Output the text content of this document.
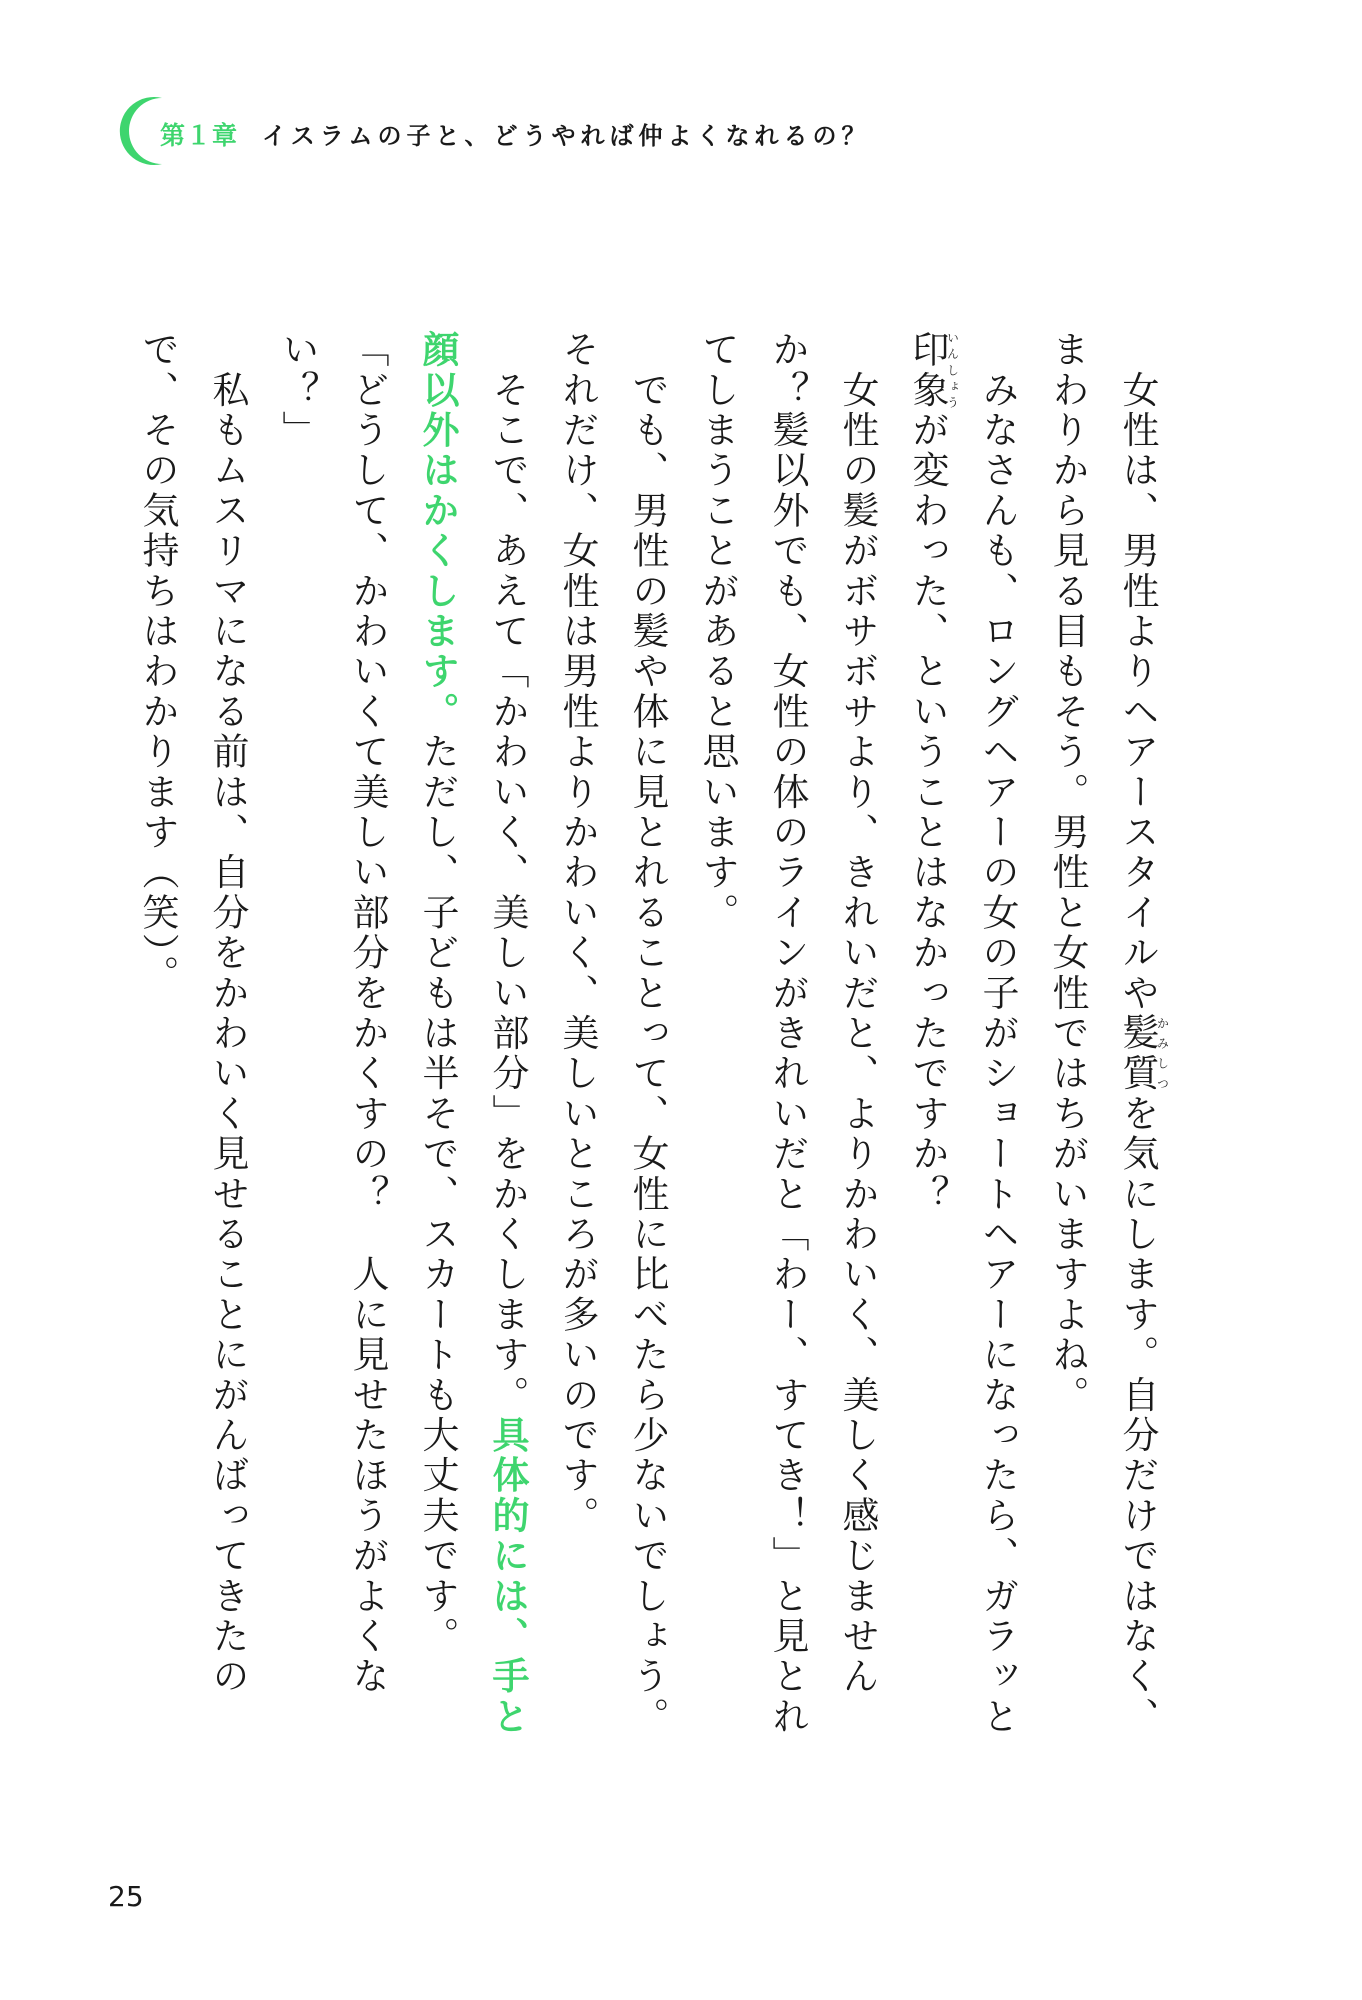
第１章 イスラムの子と、どうやれば仲よくなれるの？

　女性は、男性よりヘアースタイルや髪質かみしつを気にします。自分だけではなく、まわりから見る目もそう。男性と女性ではちがいますよね。

　みなさんも、ロングヘアーの女の子がショートヘアーになったら、ガラッと印象いんしょうが変わった、ということはなかったですか？

　女性の髪がボサボサより、きれいだと、よりかわいく、美しく感じませんか？髪以外でも、女性の体のラインがきれいだと「わー、すてき！」と見とれてしまうことがあると思います。

　でも、男性の髪や体に見とれることって、女性に比べたら少ないでしょう。それだけ、女性は男性よりかわいく、美しいところが多いのです。

　そこで、あえて「かわいく、美しい部分」をかくします。具体的には、手と顔以外はかくします。ただし、子どもは半そで、スカートも大丈夫です。

「どうして、かわいくて美しい部分をかくすの？　人に見せたほうがよくない？」

　私もムスリマになる前は、自分をかわいく見せることにがんばってきたので、その気持ちはわかります（笑）。

25
